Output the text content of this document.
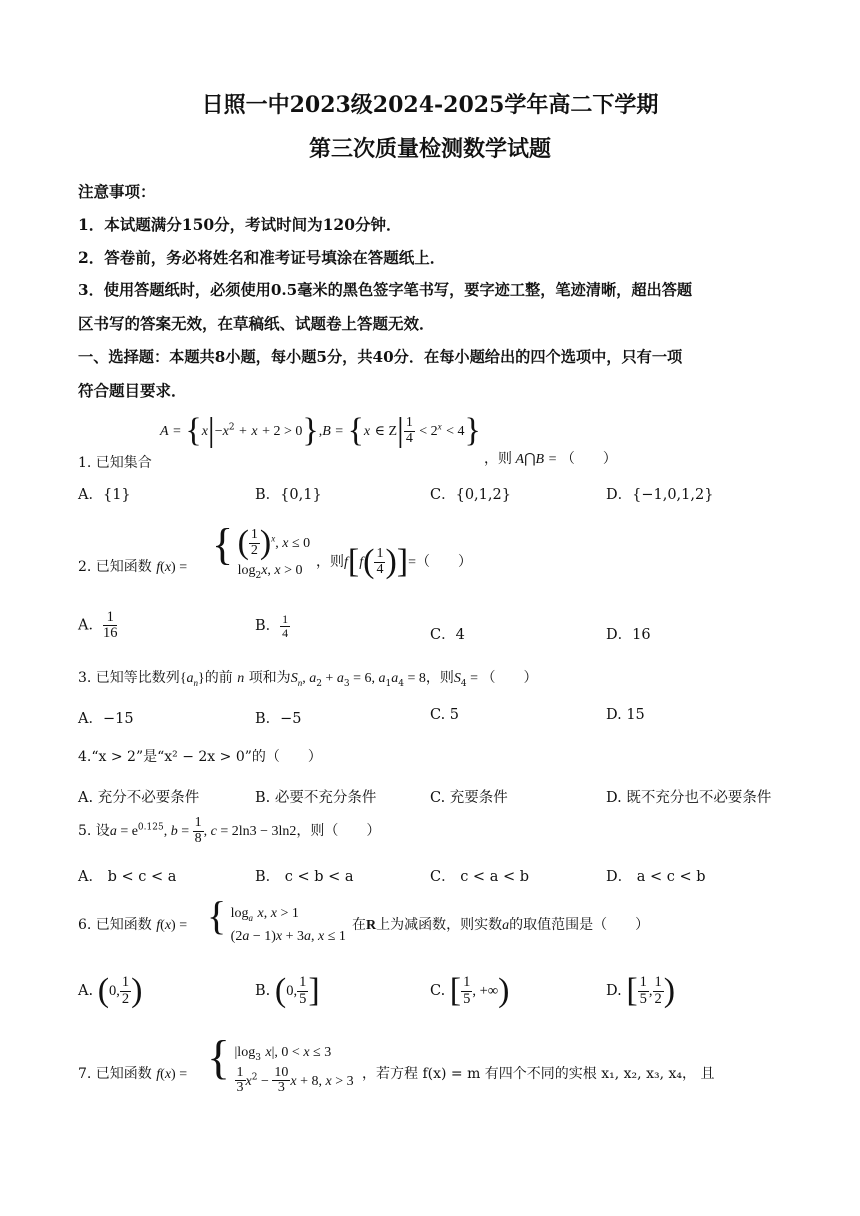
日照一中2023级2024-2025学年高二下学期
第三次质量检测数学试题
注意事项：
1．本试题满分150分，考试时间为120分钟．
2．答卷前，务必将姓名和准考证号填涂在答题纸上．
3．使用答题纸时，必须使用0.5毫米的黑色签字笔书写，要字迹工整，笔迹清晰，超出答题
区书写的答案无效，在草稿纸、试题卷上答题无效．
一、选择题：本题共8小题，每小题5分，共40分．在每小题给出的四个选项中，只有一项
符合题目要求．
1. 已知集合
$A = \{x|-x^2 + x + 2 > 0\},B = \{x$ ∈ $Z| \frac{1}{4} < 2^x < 4$}
，则 A⋂B = （　　）
A．{1}	B．{0,1}	C．{0,1,2}	D．{−1,0,1,2}
2. 已知函数 f(x) = { ( $\frac{1}{2} )^x$, x ≤ 0
$\log_2x$, x > 0
，则$f[f( \frac{1}{4}$ )]=（　　）
A． $\frac{1}{16}$	B． $\frac{1}{4}$	C．4	D．16
3. 已知等比数列$\{a_n\}$的前 n 项和为$S_n$, $a_2 + a_3 = 6$, $a_1a_4 = 8$，则$S_4$ = （　　）
A．−15	B．−5	C. 5	D. 15
4.“x > 2”是“x² − 2x > 0”的（　　）
A. 充分不必要条件	B. 必要不充分条件	C. 充要条件	D. 既不充分也不必要条件
5. 设$a = e^{0.125}$, $b = \frac{1}{8}$ , c = 2ln3 − 3ln2，则（　　）
A． b < c < a	B． c < b < a	C． c < a < b	D． a < c < b
6. 已知函数 f(x) = { $\log_a x$, x > 1
(2a − 1)x + 3a, x ≤ 1
在R上为减函数，则实数a的取值范围是（　　）
A. (0, $\frac{1}{2}$ )	B. (0, $\frac{1}{5}$ ]	C. [ $\frac{1}{5}$ , +∞)	D. [ $\frac{1}{5}$ , $\frac{1}{2}$ )
7. 已知函数 f(x) = { $|\log_3$ x|, 0 < x ≤ 3
$\frac{1}{3} x^2 - \frac{10}{3}$ x + 8, x > 3 ，若方程 f(x) = m 有四个不同的实根 x₁, x₂, x₃, x₄， 且
